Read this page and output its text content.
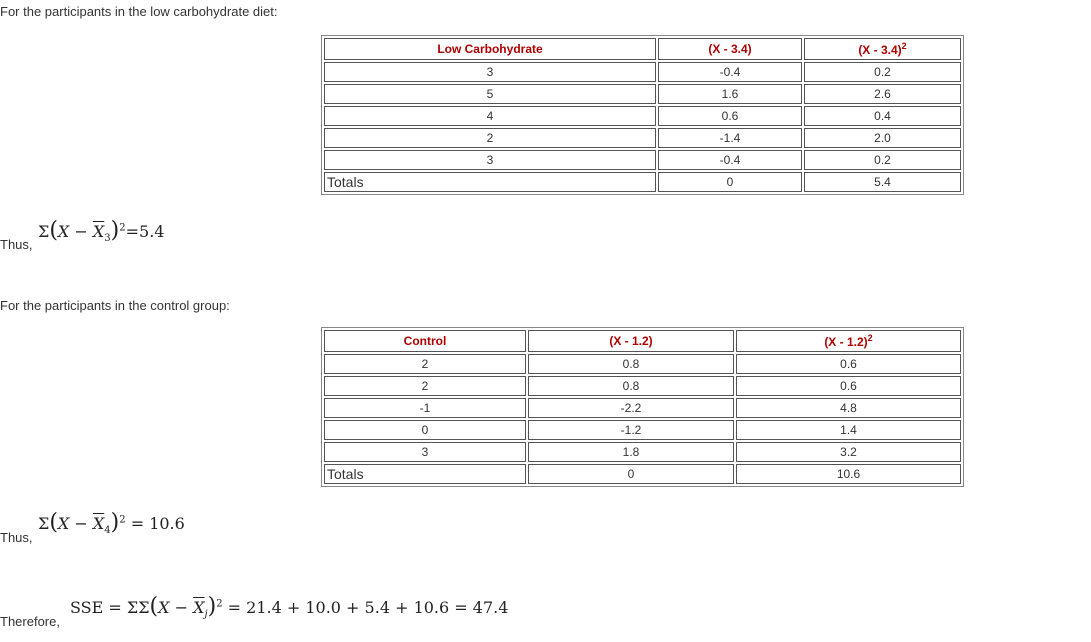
For the participants in the low carbohydrate diet:
Low Carbohydrate	(X - 3.4)	(X - 3.4)$^2$
3	-0.4	0.2
5	1.6	2.6
4	0.6	0.4
2	-1.4	2.0
3	-0.4	0.2
Totals	0	5.4
Thus,
$\Sigma(X - \overline{X}_3)^2=5.4$
For the participants in the control group:
Control	(X - 1.2)	(X - 1.2)$^2$
2	0.8	0.6
2	0.8	0.6
-1	-2.2	4.8
0	-1.2	1.4
3	1.8	3.2
Totals	0	10.6
Thus,
$\Sigma(X - \overline{X}_4)^2 = 10.6$
Therefore,
SSE = $\Sigma\Sigma(X - \overline{X}_j)^2 = 21.4 + 10.0 + 5.4 + 10.6 = 47.4$
